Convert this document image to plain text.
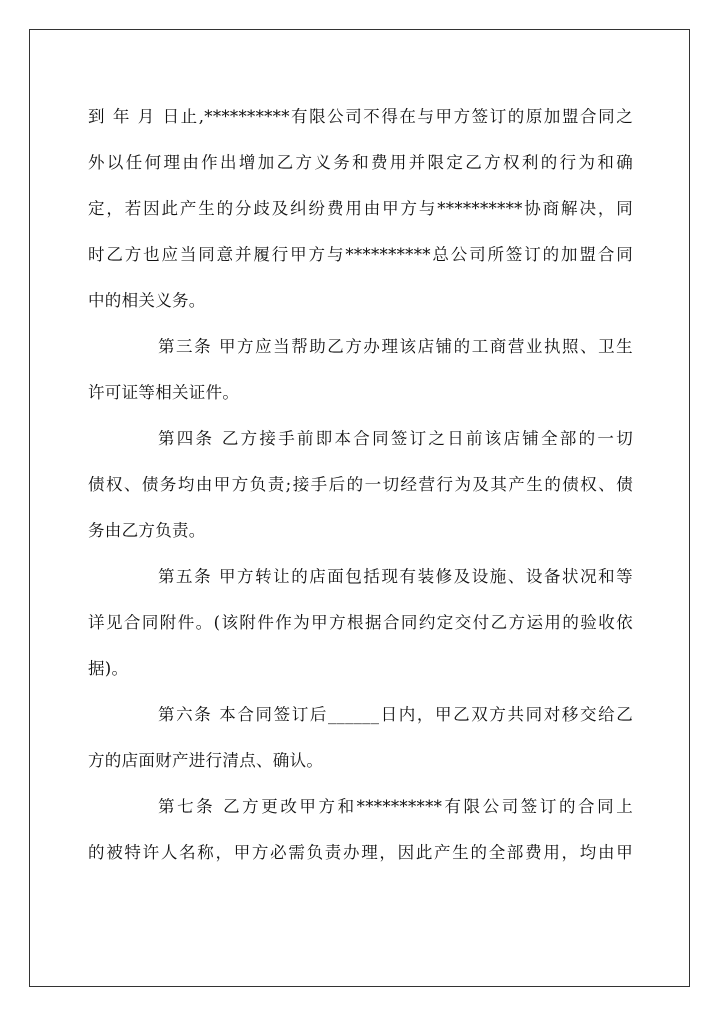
到 年 月 日止,**********有限公司不得在与甲方签订的原加盟合同之
外以任何理由作出增加乙方义务和费用并限定乙方权利的行为和确
定，若因此产生的分歧及纠纷费用由甲方与**********协商解决，同
时乙方也应当同意并履行甲方与**********总公司所签订的加盟合同
中的相关义务。
第三条 甲方应当帮助乙方办理该店铺的工商营业执照、卫生
许可证等相关证件。
第四条 乙方接手前即本合同签订之日前该店铺全部的一切
债权、债务均由甲方负责;接手后的一切经营行为及其产生的债权、债
务由乙方负责。
第五条 甲方转让的店面包括现有装修及设施、设备状况和等
详见合同附件。(该附件作为甲方根据合同约定交付乙方运用的验收依
据)。
第六条 本合同签订后______日内，甲乙双方共同对移交给乙
方的店面财产进行清点、确认。
第七条 乙方更改甲方和**********有限公司签订的合同上
的被特许人名称，甲方必需负责办理，因此产生的全部费用，均由甲
